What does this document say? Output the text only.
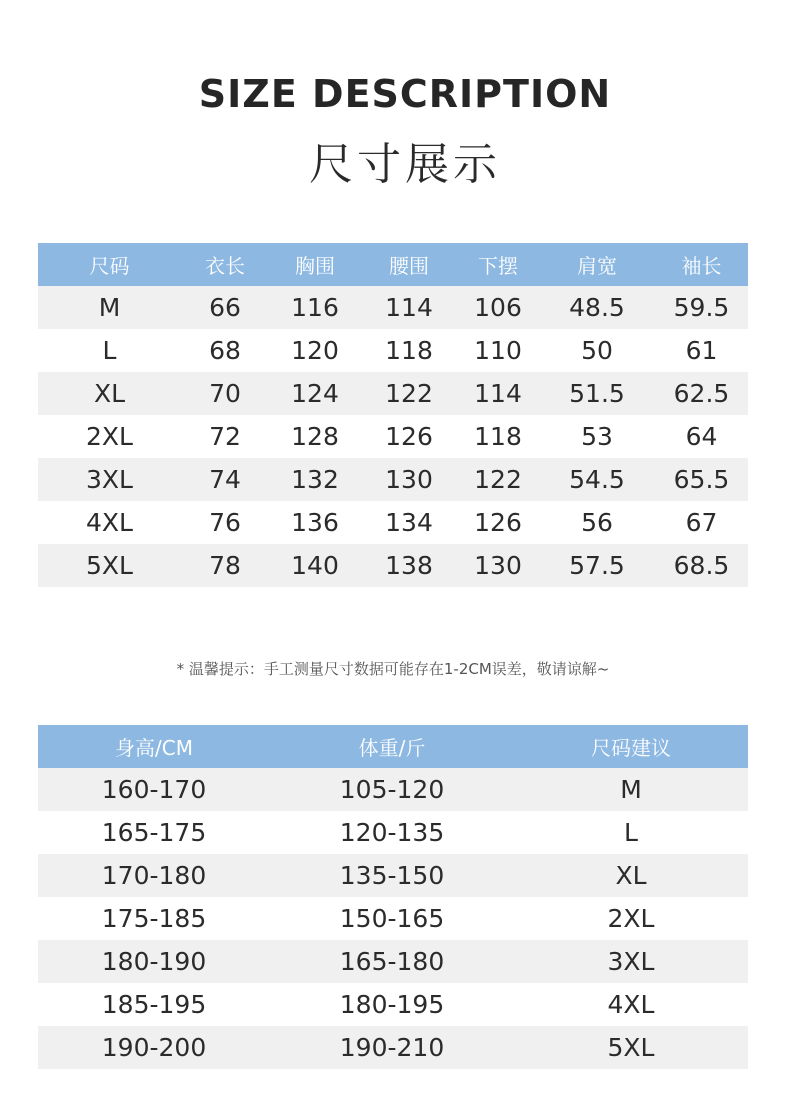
SIZE DESCRIPTION
尺寸展示
尺码	衣长	胸围	腰围	下摆	肩宽	袖长
M	66	116	114	106	48.5	59.5
L	68	120	118	110	50	61
XL	70	124	122	114	51.5	62.5
2XL	72	128	126	118	53	64
3XL	74	132	130	122	54.5	65.5
4XL	76	136	134	126	56	67
5XL	78	140	138	130	57.5	68.5
* 温馨提示：手工测量尺寸数据可能存在1-2CM误差，敬请谅解~
身高/CM	体重/斤	尺码建议
160-170	105-120	M
165-175	120-135	L
170-180	135-150	XL
175-185	150-165	2XL
180-190	165-180	3XL
185-195	180-195	4XL
190-200	190-210	5XL
